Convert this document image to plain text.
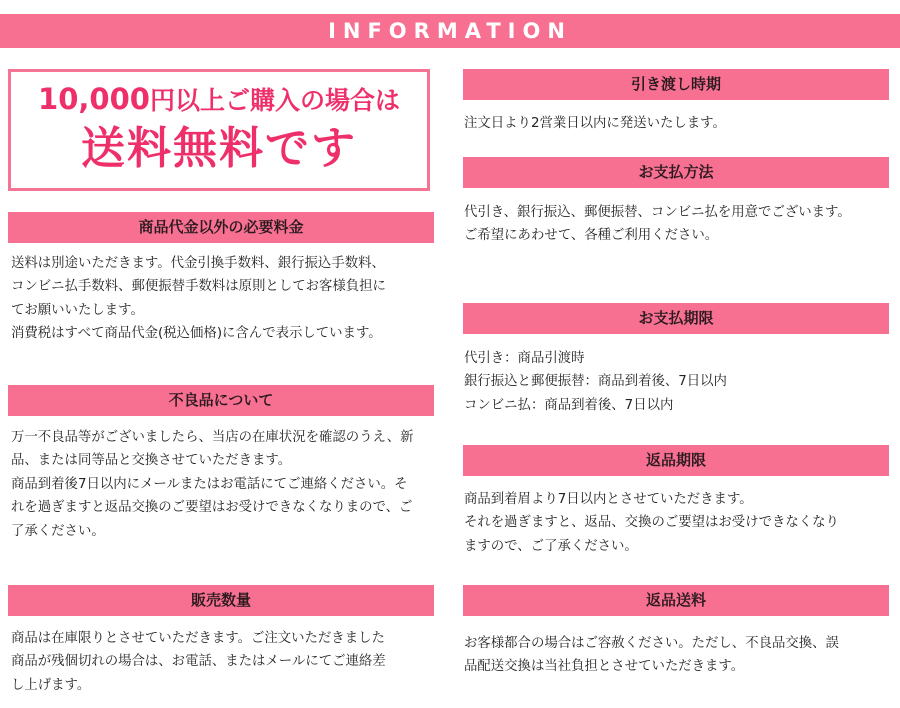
INFORMATION
10,000円以上ご購入の場合は
送料無料です
商品代金以外の必要料金
送料は別途いただきます。代金引換手数料、銀行振込手数料、
コンビニ払手数料、郵便振替手数料は原則としてお客様負担に
てお願いいたします。
消費税はすべて商品代金(税込価格)に含んで表示しています。
不良品について
万一不良品等がございましたら、当店の在庫状況を確認のうえ、新
品、または同等品と交換させていただきます。
商品到着後7日以内にメールまたはお電話にてご連絡ください。そ
れを過ぎますと返品交換のご要望はお受けできなくなりまので、ご
了承ください。
販売数量
商品は在庫限りとさせていただきます。ご注文いただきました
商品が残個切れの場合は、お電話、またはメールにてご連絡差
し上げます。
引き渡し時期
注文日より2営業日以内に発送いたします。
お支払方法
代引き、銀行振込、郵便振替、コンビニ払を用意でございます。
ご希望にあわせて、各種ご利用ください。
お支払期限
代引き：商品引渡時
銀行振込と郵便振替：商品到着後、7日以内
コンビニ払：商品到着後、7日以内
返品期限
商品到着眉より7日以内とさせていただきます。
それを過ぎますと、返品、交換のご要望はお受けできなくなり
ますので、ご了承ください。
返品送料
お客様都合の場合はご容赦ください。ただし、不良品交換、誤
品配送交換は当社負担とさせていただきます。
